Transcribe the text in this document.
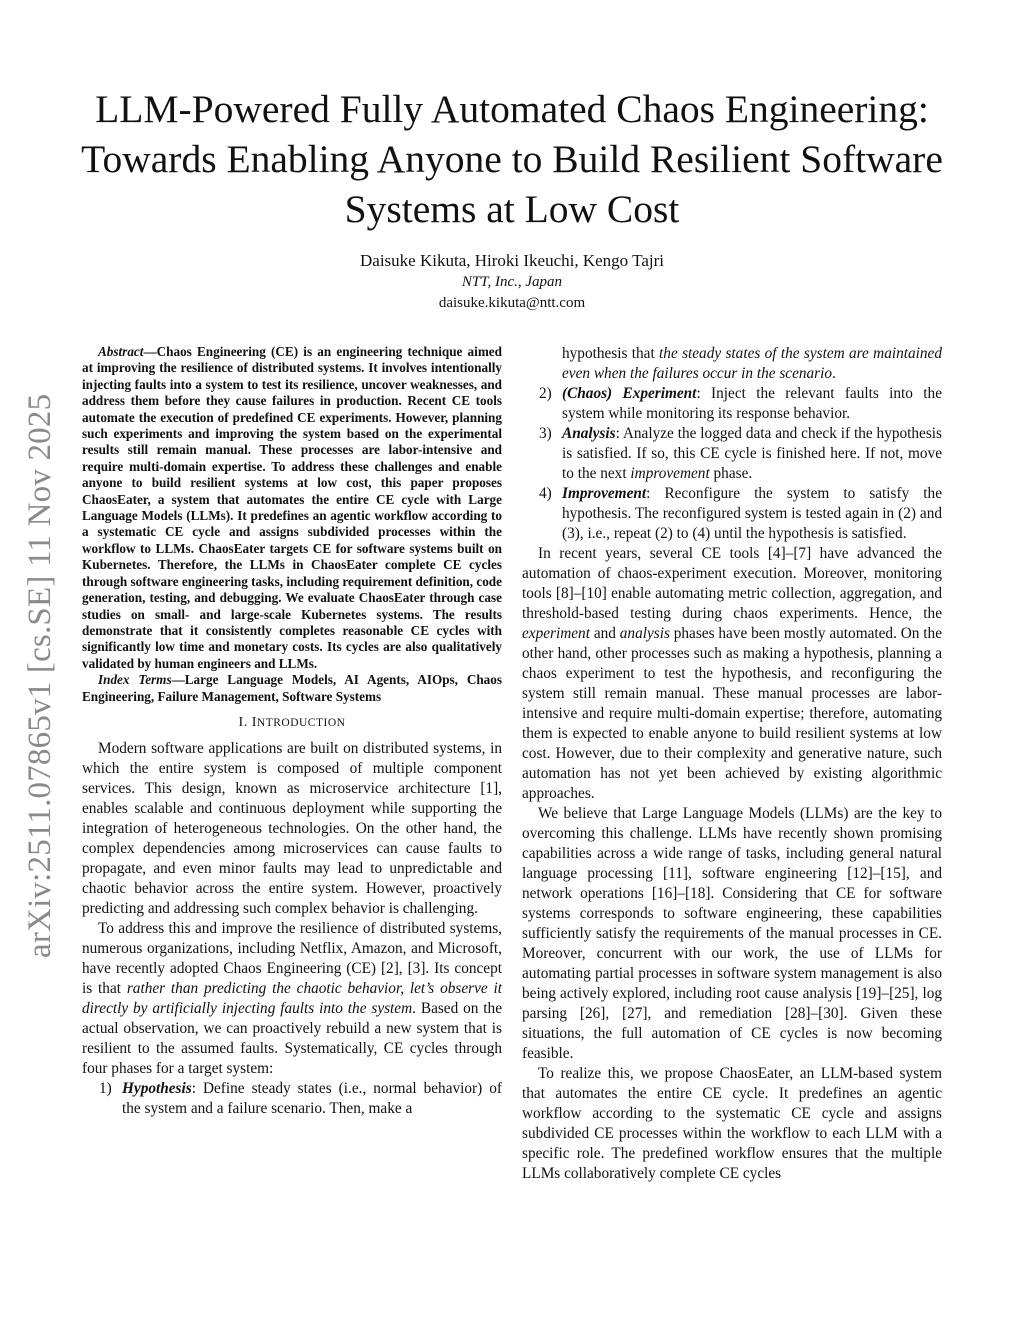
arXiv:2511.07865v1 [cs.SE] 11 Nov 2025
LLM-Powered Fully Automated Chaos Engineering: Towards Enabling Anyone to Build Resilient Software Systems at Low Cost
Daisuke Kikuta, Hiroki Ikeuchi, Kengo Tajri
NTT, Inc., Japan
daisuke.kikuta@ntt.com

Abstract—Chaos Engineering (CE) is an engineering technique aimed at improving the resilience of distributed systems. It involves intentionally injecting faults into a system to test its resilience, uncover weaknesses, and address them before they cause failures in production. Recent CE tools automate the execution of predefined CE experiments. However, planning such experiments and improving the system based on the experimental results still remain manual. These processes are labor-intensive and require multi-domain expertise. To address these challenges and enable anyone to build resilient systems at low cost, this paper proposes ChaosEater, a system that automates the entire CE cycle with Large Language Models (LLMs). It predefines an agentic workflow according to a systematic CE cycle and assigns subdivided processes within the workflow to LLMs. ChaosEater targets CE for software systems built on Kubernetes. Therefore, the LLMs in ChaosEater complete CE cycles through software engineering tasks, including requirement definition, code generation, testing, and debugging. We evaluate ChaosEater through case studies on small- and large-scale Kubernetes systems. The results demonstrate that it consistently completes reasonable CE cycles with significantly low time and monetary costs. Its cycles are also qualitatively validated by human engineers and LLMs.

Index Terms—Large Language Models, AI Agents, AIOps, Chaos Engineering, Failure Management, Software Systems

I. INTRODUCTION

Modern software applications are built on distributed systems, in which the entire system is composed of multiple component services. This design, known as microservice architecture [1], enables scalable and continuous deployment while supporting the integration of heterogeneous technologies. On the other hand, the complex dependencies among microservices can cause faults to propagate, and even minor faults may lead to unpredictable and chaotic behavior across the entire system. However, proactively predicting and addressing such complex behavior is challenging.

To address this and improve the resilience of distributed systems, numerous organizations, including Netflix, Amazon, and Microsoft, have recently adopted Chaos Engineering (CE) [2], [3]. Its concept is that rather than predicting the chaotic behavior, let’s observe it directly by artificially injecting faults into the system. Based on the actual observation, we can proactively rebuild a new system that is resilient to the assumed faults. Systematically, CE cycles through four phases for a target system:

1) Hypothesis: Define steady states (i.e., normal behavior) of the system and a failure scenario. Then, make a
hypothesis that the steady states of the system are maintained even when the failures occur in the scenario.
2) (Chaos) Experiment: Inject the relevant faults into the system while monitoring its response behavior.
3) Analysis: Analyze the logged data and check if the hypothesis is satisfied. If so, this CE cycle is finished here. If not, move to the next improvement phase.
4) Improvement: Reconfigure the system to satisfy the hypothesis. The reconfigured system is tested again in (2) and (3), i.e., repeat (2) to (4) until the hypothesis is satisfied.

In recent years, several CE tools [4]–[7] have advanced the automation of chaos-experiment execution. Moreover, monitoring tools [8]–[10] enable automating metric collection, aggregation, and threshold-based testing during chaos experiments. Hence, the experiment and analysis phases have been mostly automated. On the other hand, other processes such as making a hypothesis, planning a chaos experiment to test the hypothesis, and reconfiguring the system still remain manual. These manual processes are labor-intensive and require multi-domain expertise; therefore, automating them is expected to enable anyone to build resilient systems at low cost. However, due to their complexity and generative nature, such automation has not yet been achieved by existing algorithmic approaches.

We believe that Large Language Models (LLMs) are the key to overcoming this challenge. LLMs have recently shown promising capabilities across a wide range of tasks, including general natural language processing [11], software engineering [12]–[15], and network operations [16]–[18]. Considering that CE for software systems corresponds to software engineering, these capabilities sufficiently satisfy the requirements of the manual processes in CE. Moreover, concurrent with our work, the use of LLMs for automating partial processes in software system management is also being actively explored, including root cause analysis [19]–[25], log parsing [26], [27], and remediation [28]–[30]. Given these situations, the full automation of CE cycles is now becoming feasible.

To realize this, we propose ChaosEater, an LLM-based system that automates the entire CE cycle. It predefines an agentic workflow according to the systematic CE cycle and assigns subdivided CE processes within the workflow to each LLM with a specific role. The predefined workflow ensures that the multiple LLMs collaboratively complete CE cycles
